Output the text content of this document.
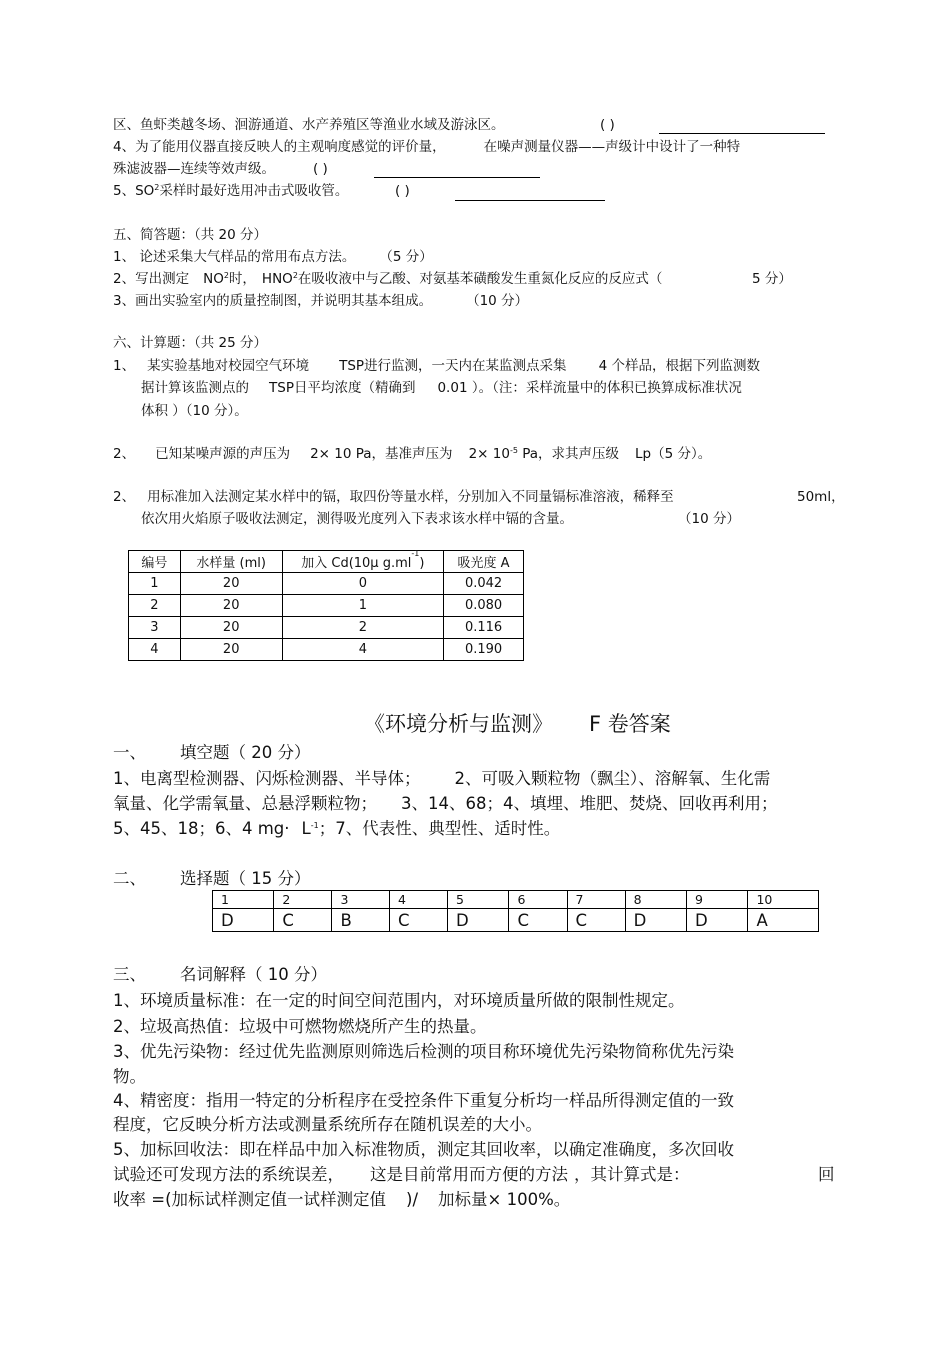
区、鱼虾类越冬场、洄游通道、水产养殖区等渔业水域及游泳区。	( )
4、为了能用仪器直接反映人的主观响度感觉的评价量，	在噪声测量仪器——声级计中设计了一种特
殊滤波器—连续等效声级。	( )
5、$SO^2$采样时最好选用冲击式吸收管。	( )
五、简答题：（共 20 分）
1、 论述采集大气样品的常用布点方法。 （5 分）
2、写出测定 $NO^2$时， HNO$^2$在吸收液中与乙酸、对氨基苯磺酸发生重氮化反应的反应式（	5 分）
3、画出实验室内的质量控制图，并说明其基本组成。	（10 分）
六、计算题：（共 25 分）
1、 某实验基地对校园空气环境 TSP进行监测，一天内在某监测点采集 4 个样品，根据下列监测数
据计算该监测点的 TSP日平均浓度（精确到 0.01 ）。（注：采样流量中的体积已换算成标准状况
体积 ）（10 分）。
2、 已知某噪声源的声压为 2× 10 Pa，基准声压为 $2\times 10^{-5}$ Pa，求其声压级 Lp（5 分）。
2、 用标准加入法测定某水样中的镉，取四份等量水样，分别加入不同量镉标准溶液，稀释至	50ml，
依次用火焰原子吸收法测定，测得吸光度列入下表求该水样中镉的含量。	（10 分）
编号	水样量 (ml)	加入 Cd(10μ $g.ml^{-1}$)	吸光度 A
1	20	0	0.042
2	20	1	0.080
3	20	2	0.116
4	20	4	0.190
《环境分析与监测》 F 卷答案
一、 填空题（ 20 分）
1、电离型检测器、闪烁检测器、半导体； 2、可吸入颗粒物（飘尘）、溶解氧、生化需
氧量、化学需氧量、总悬浮颗粒物； 3、14、68；4、填埋、堆肥、焚烧、回收再利用；
5、45、18；6、4 $mg\cdot L^{-1}$；7、代表性、典型性、适时性。
二、 选择题（ 15 分）
1	2	3	4	5	6	7	8	9	10
D	C	B	C	D	C	C	D	D	A
三、 名词解释（ 10 分）
1、环境质量标准：在一定的时间空间范围内，对环境质量所做的限制性规定。
2、垃圾高热值：垃圾中可燃物燃烧所产生的热量。
3、优先污染物：经过优先监测原则筛选后检测的项目称环境优先污染物简称优先污染
物。
4、精密度：指用一特定的分析程序在受控条件下重复分析均一样品所得测定值的一致
程度，它反映分析方法或测量系统所存在随机误差的大小。
5、加标回收法：即在样品中加入标准物质，测定其回收率，以确定准确度，多次回收
试验还可发现方法的系统误差， 这是目前常用而方便的方法 ，其计算式是：	回
收率 =(加标试样测定值一试样测定值 )/ 加标量× 100%。
